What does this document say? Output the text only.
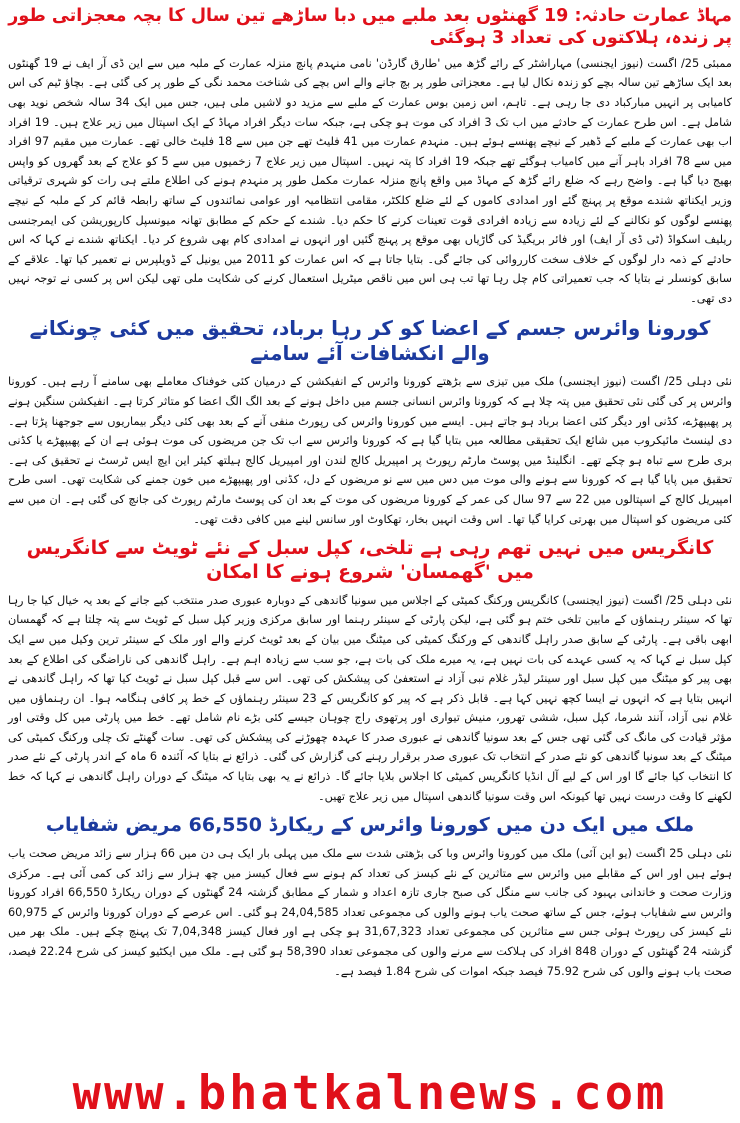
مہاڈ عمارت حادثہ: 19 گھنٹوں بعد ملبے میں دبا ساڑھے تین سال کا بچہ معجزاتی طور پر زندہ، ہلاکتوں کی تعداد 3 ہوگئی

ممبئی 25/ اگست (نیوز ایجنسی) مہاراشٹر کے رائے گڑھ میں 'طارق گارڈن' نامی منہدم پانچ منزلہ عمارت کے ملبہ میں سے این ڈی آر ایف نے 19 گھنٹوں بعد ایک ساڑھے تین سالہ بچے کو زندہ نکال لیا ہے۔ معجزاتی طور پر بچ جانے والے اس بچے کی شناخت محمد نگی کے طور پر کی گئی ہے۔ بچاؤ ٹیم کی اس کامیابی پر انہیں مبارکباد دی جا رہی ہے۔ تاہم، اس زمین بوس عمارت کے ملبے سے مزید دو لاشیں ملی ہیں، جس میں ایک 34 سالہ شخص نوید بھی شامل ہے۔ اس طرح عمارت کے حادثے میں اب تک 3 افراد کی موت ہو چکی ہے، جبکہ سات دیگر افراد مہاڈ کے ایک اسپتال میں زیر علاج ہیں۔ 19 افراد اب بھی عمارت کے ملبے کے ڈھیر کے نیچے پھنسے ہوئے ہیں۔ منہدم عمارت میں 41 فلیٹ تھے جن میں سے 18 فلیٹ خالی تھے۔ عمارت میں مقیم 97 افراد میں سے 78 افراد باہر آنے میں کامیاب ہوگئے تھے جبکہ 19 افراد کا پتہ نہیں۔ اسپتال میں زیر علاج 7 زخمیوں میں سے 5 کو علاج کے بعد گھروں کو واپس بھیج دیا گیا ہے۔ واضح رہے کہ ضلع رائے گڑھ کے مہاڈ میں واقع پانچ منزلہ عمارت مکمل طور پر منہدم ہونے کی اطلاع ملتے ہی رات کو شہری ترقیاتی وزیر ایکناتھ شندے موقع پر پہنچ گئے اور امدادی کاموں کے لئے ضلع کلکٹر، مقامی انتظامیہ اور عوامی نمائندوں کے ساتھ رابطہ قائم کر کے ملبہ کے نیچے پھنسے لوگوں کو نکالنے کے لئے زیادہ سے زیادہ افرادی قوت تعینات کرنے کا حکم دیا۔ شندے کے حکم کے مطابق تھانہ میونسپل کارپوریشن کی ایمرجنسی ریلیف اسکواڈ (ٹی ڈی آر ایف) اور فائر بریگیڈ کی گاڑیاں بھی موقع پر پہنچ گئیں اور انہوں نے امدادی کام بھی شروع کر دیا۔ ایکناتھ شندے نے کہا کہ اس حادثے کے ذمہ دار لوگوں کے خلاف سخت کارروائی کی جائے گی۔ بتایا جاتا ہے کہ اس عمارت کو 2011 میں یونیل کے ڈویلپرس نے تعمیر کیا تھا۔ علاقے کے سابق کونسلر نے بتایا کہ جب تعمیراتی کام چل رہا تھا تب ہی اس میں ناقص میٹریل استعمال کرنے کی شکایت ملی تھی لیکن اس پر کسی نے توجہ نہیں دی تھی۔

کورونا وائرس جسم کے اعضا کو کر رہا برباد، تحقیق میں کئی چونکانے والے انکشافات آئے سامنے

نئی دہلی 25/ اگست (نیوز ایجنسی) ملک میں تیزی سے بڑھتے کورونا وائرس کے انفیکشن کے درمیان کئی خوفناک معاملے بھی سامنے آ رہے ہیں۔ کورونا وائرس پر کی گئی نئی تحقیق میں پتہ چلا ہے کہ کورونا وائرس انسانی جسم میں داخل ہونے کے بعد الگ الگ اعضا کو متاثر کرتا ہے۔ انفیکشن سنگین ہونے پر پھیپھڑے، کڈنی اور دیگر کئی اعضا برباد ہو جاتے ہیں۔ ایسے میں کورونا وائرس کی رپورٹ منفی آنے کے بعد بھی کئی دیگر بیماریوں سے جوجھنا پڑتا ہے۔ دی لینسٹ مائیکروب میں شائع ایک تحقیقی مطالعہ میں بتایا گیا ہے کہ کورونا وائرس سے اب تک جن مریضوں کی موت ہوئی ہے ان کے پھیپھڑے یا کڈنی بری طرح سے تباہ ہو چکے تھے۔ انگلینڈ میں پوسٹ مارٹم رپورٹ پر امپیریل کالج لندن اور امپیریل کالج ہیلتھ کیئر این ایچ ایس ٹرسٹ نے تحقیق کی ہے۔ تحقیق میں پایا گیا ہے کہ کورونا سے ہونے والی موت میں دس میں سے نو مریضوں کے دل، کڈنی اور پھیپھڑے میں خون جمنے کی شکایت تھی۔ اسی طرح امپیریل کالج کے اسپتالوں میں 22 سے 97 سال کی عمر کے کورونا مریضوں کی موت کے بعد ان کی پوسٹ مارٹم رپورٹ کی جانچ کی گئی ہے۔ ان میں سے کئی مریضوں کو اسپتال میں بھرتی کرایا گیا تھا۔ اس وقت انہیں بخار، تھکاوٹ اور سانس لینے میں کافی دقت تھی۔

کانگریس میں نہیں تھم رہی ہے تلخی، کپل سبل کے نئے ٹویٹ سے کانگریس میں 'گھمسان' شروع ہونے کا امکان

نئی دہلی 25/ اگست (نیوز ایجنسی) کانگریس ورکنگ کمیٹی کے اجلاس میں سونیا گاندھی کے دوبارہ عبوری صدر منتخب کیے جانے کے بعد یہ خیال کیا جا رہا تھا کہ سینئر رہنماؤں کے مابین تلخی ختم ہو گئی ہے، لیکن پارٹی کے سینئر رہنما اور سابق مرکزی وزیر کپل سبل کے ٹویٹ سے پتہ چلتا ہے کہ گھمسان ابھی باقی ہے۔ پارٹی کے سابق صدر راہل گاندھی کے ورکنگ کمیٹی کی میٹنگ میں بیان کے بعد ٹویٹ کرنے والے اور ملک کے سینئر ترین وکیل میں سے ایک کپل سبل نے کہا کہ یہ کسی عہدے کی بات نہیں ہے، یہ میرے ملک کی بات ہے، جو سب سے زیادہ اہم ہے۔ راہل گاندھی کی ناراضگی کی اطلاع کے بعد بھی پیر کو میٹنگ میں کپل سبل اور سینئر لیڈر غلام نبی آزاد نے استعفیٰ کی پیشکش کی تھی۔ اس سے قبل کپل سبل نے ٹویٹ کیا تھا کہ راہل گاندھی نے انہیں بتایا ہے کہ انہوں نے ایسا کچھ نہیں کہا ہے۔ قابل ذکر ہے کہ پیر کو کانگریس کے 23 سینئر رہنماؤں کے خط پر کافی ہنگامہ ہوا۔ ان رہنماؤں میں غلام نبی آزاد، آنند شرما، کپل سبل، ششی تھرور، منیش تیواری اور پرتھوی راج چوہان جیسے کئی بڑے نام شامل تھے۔ خط میں پارٹی میں کل وقتی اور مؤثر قیادت کی مانگ کی گئی تھی جس کے بعد سونیا گاندھی نے عبوری صدر کا عہدہ چھوڑنے کی پیشکش کی تھی۔ سات گھنٹے تک چلی ورکنگ کمیٹی کی میٹنگ کے بعد سونیا گاندھی کو نئے صدر کے انتخاب تک عبوری صدر برقرار رہنے کی گزارش کی گئی۔ ذرائع نے بتایا کہ آئندہ 6 ماہ کے اندر پارٹی کے نئے صدر کا انتخاب کیا جائے گا اور اس کے لیے آل انڈیا کانگریس کمیٹی کا اجلاس بلایا جائے گا۔ ذرائع نے یہ بھی بتایا کہ میٹنگ کے دوران راہل گاندھی نے کہا کہ خط لکھنے کا وقت درست نہیں تھا کیونکہ اس وقت سونیا گاندھی اسپتال میں زیر علاج تھیں۔

ملک میں ایک دن میں کورونا وائرس کے ریکارڈ 66,550 مریض شفایاب

نئی دہلی 25 اگست (یو این آئی) ملک میں کورونا وائرس وبا کی بڑھتی شدت سے ملک میں پہلی بار ایک ہی دن میں 66 ہزار سے زائد مریض صحت یاب ہوئے ہیں اور اس کے مقابلے میں وائرس سے متاثرین کے نئے کیسز کی تعداد کم ہونے سے فعال کیسز میں چھ ہزار سے زائد کی کمی آئی ہے۔ مرکزی وزارت صحت و خاندانی بہبود کی جانب سے منگل کی صبح جاری تازہ اعداد و شمار کے مطابق گزشتہ 24 گھنٹوں کے دوران ریکارڈ 66,550 افراد کورونا وائرس سے شفایاب ہوئے، جس کے ساتھ صحت یاب ہونے والوں کی مجموعی تعداد 24,04,585 ہو گئی۔ اس عرصے کے دوران کورونا وائرس کے 60,975 نئے کیسز کی رپورٹ ہوئی جس سے متاثرین کی مجموعی تعداد 31,67,323 ہو چکی ہے اور فعال کیسز 7,04,348 تک پہنچ چکے ہیں۔ ملک بھر میں گزشتہ 24 گھنٹوں کے دوران 848 افراد کی ہلاکت سے مرنے والوں کی مجموعی تعداد 58,390 ہو گئی ہے۔ ملک میں ایکٹیو کیسز کی شرح 22.24 فیصد، صحت یاب ہونے والوں کی شرح 75.92 فیصد جبکہ اموات کی شرح 1.84 فیصد ہے۔

www.bhatkalnews.com
